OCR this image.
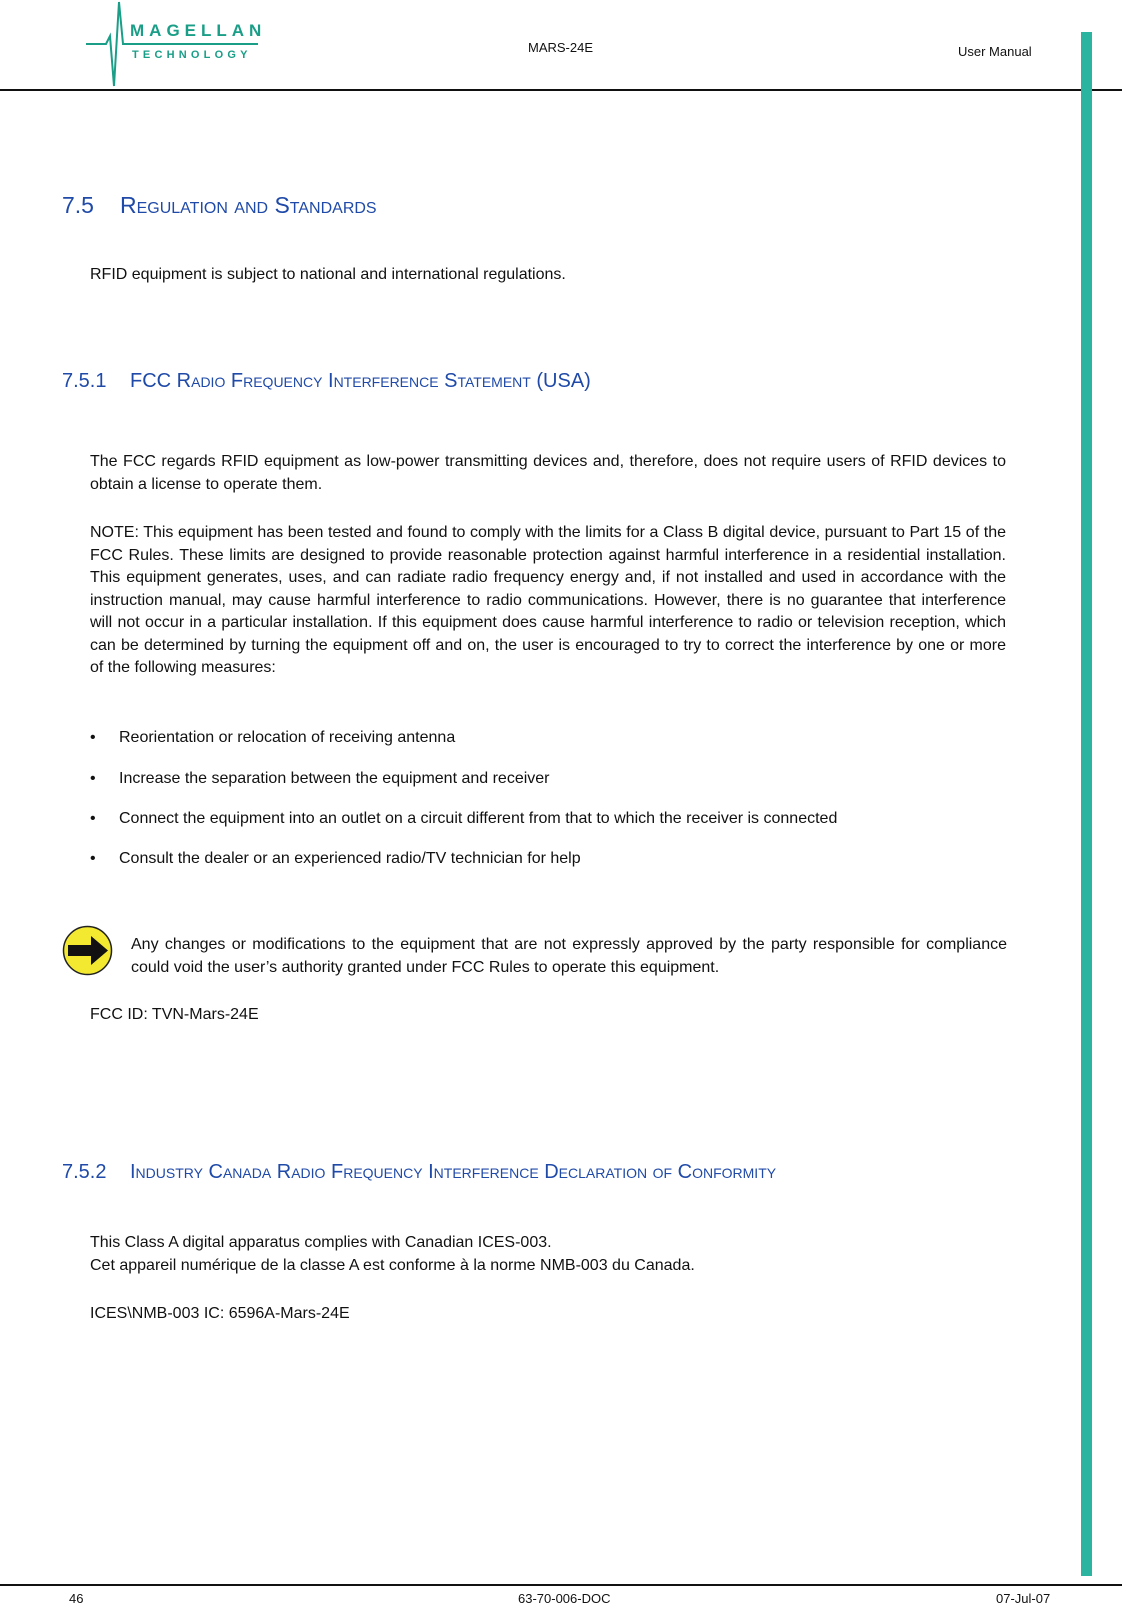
MAGELLAN
TECHNOLOGY	MARS-24E	User Manual
7.5 Regulation and Standards

RFID equipment is subject to national and international regulations.

7.5.1 FCC Radio Frequency Interference Statement (USA)

The FCC regards RFID equipment as low-power transmitting devices and, therefore, does not require users of RFID devices to obtain a license to operate them.

NOTE: This equipment has been tested and found to comply with the limits for a Class B digital device, pursuant to Part 15 of the FCC Rules. These limits are designed to provide reasonable protection against harmful interference in a residential installation. This equipment generates, uses, and can radiate radio frequency energy and, if not installed and used in accordance with the instruction manual, may cause harmful interference to radio communications. However, there is no guarantee that interference will not occur in a particular installation. If this equipment does cause harmful interference to radio or television reception, which can be determined by turning the equipment off and on, the user is encouraged to try to correct the interference by one or more of the following measures:

• Reorientation or relocation of receiving antenna
• Increase the separation between the equipment and receiver
• Connect the equipment into an outlet on a circuit different from that to which the receiver is connected
• Consult the dealer or an experienced radio/TV technician for help

Any changes or modifications to the equipment that are not expressly approved by the party responsible for compliance could void the user’s authority granted under FCC Rules to operate this equipment.

FCC ID: TVN-Mars-24E

7.5.2 Industry Canada Radio Frequency Interference Declaration of Conformity

This Class A digital apparatus complies with Canadian ICES-003.

Cet appareil numérique de la classe A est conforme à la norme NMB-003 du Canada.

ICES\NMB-003 IC: 6596A-Mars-24E

46	63-70-006-DOC	07-Jul-07
